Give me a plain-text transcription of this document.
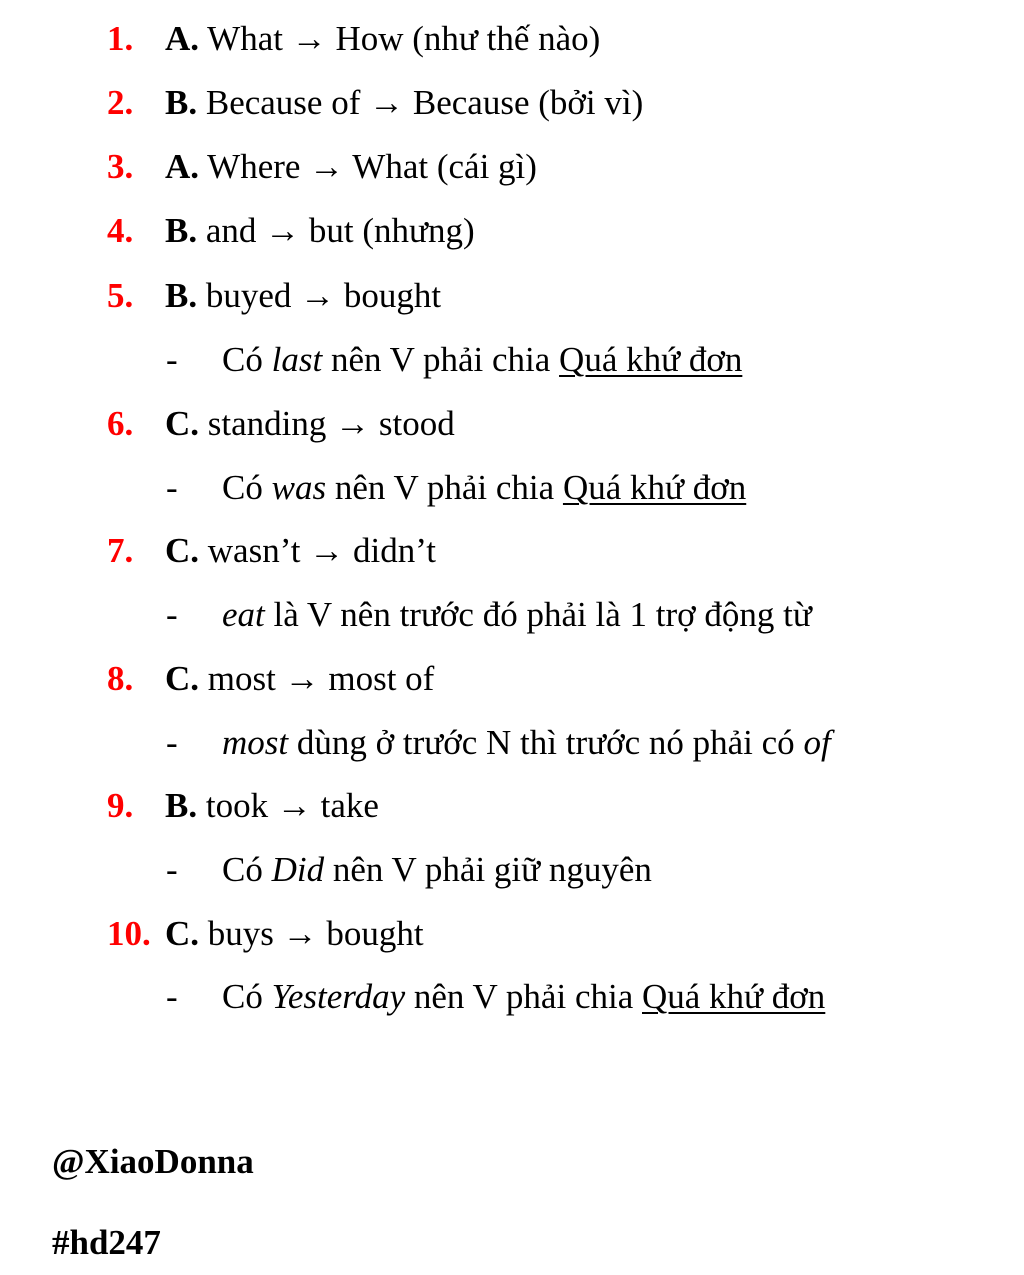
1. A. What → How (như thế nào)
2. B. Because of → Because (bởi vì)
3. A. Where → What (cái gì)
4. B. and → but (nhưng)
5. B. buyed → bought
- Có last nên V phải chia Quá khứ đơn
6. C. standing → stood
- Có was nên V phải chia Quá khứ đơn
7. C. wasn’t → didn’t
- eat là V nên trước đó phải là 1 trợ động từ
8. C. most → most of
- most dùng ở trước N thì trước nó phải có of
9. B. took → take
- Có Did nên V phải giữ nguyên
10. C. buys → bought
- Có Yesterday nên V phải chia Quá khứ đơn
@XiaoDonna
#hd247
